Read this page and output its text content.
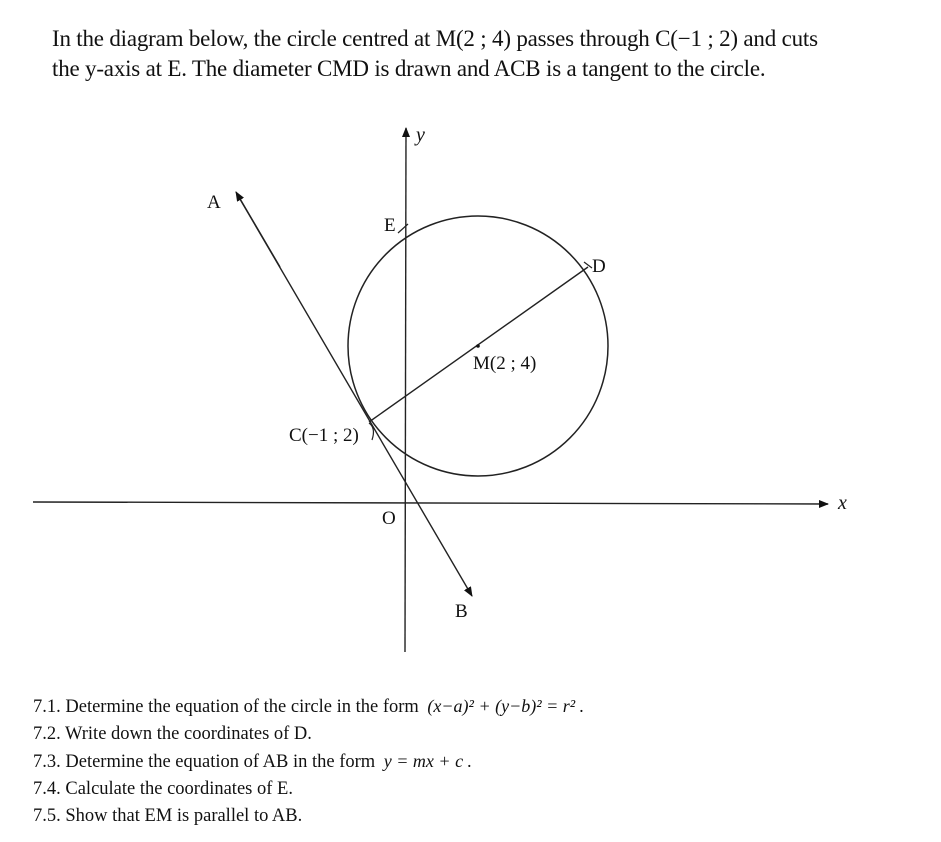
In the diagram below, the circle centred at M(2 ; 4) passes through C(−1 ; 2) and cuts the y-axis at E. The diameter CMD is drawn and ACB is a tangent to the circle.

y
x
A
B
E
D
M(2 ; 4)
C(−1 ; 2)
O
7.1. Determine the equation of the circle in the form (x−a)² + (y−b)² = r² .
7.2. Write down the coordinates of D.
7.3. Determine the equation of AB in the form y = mx + c .
7.4. Calculate the coordinates of E.
7.5. Show that EM is parallel to AB.
